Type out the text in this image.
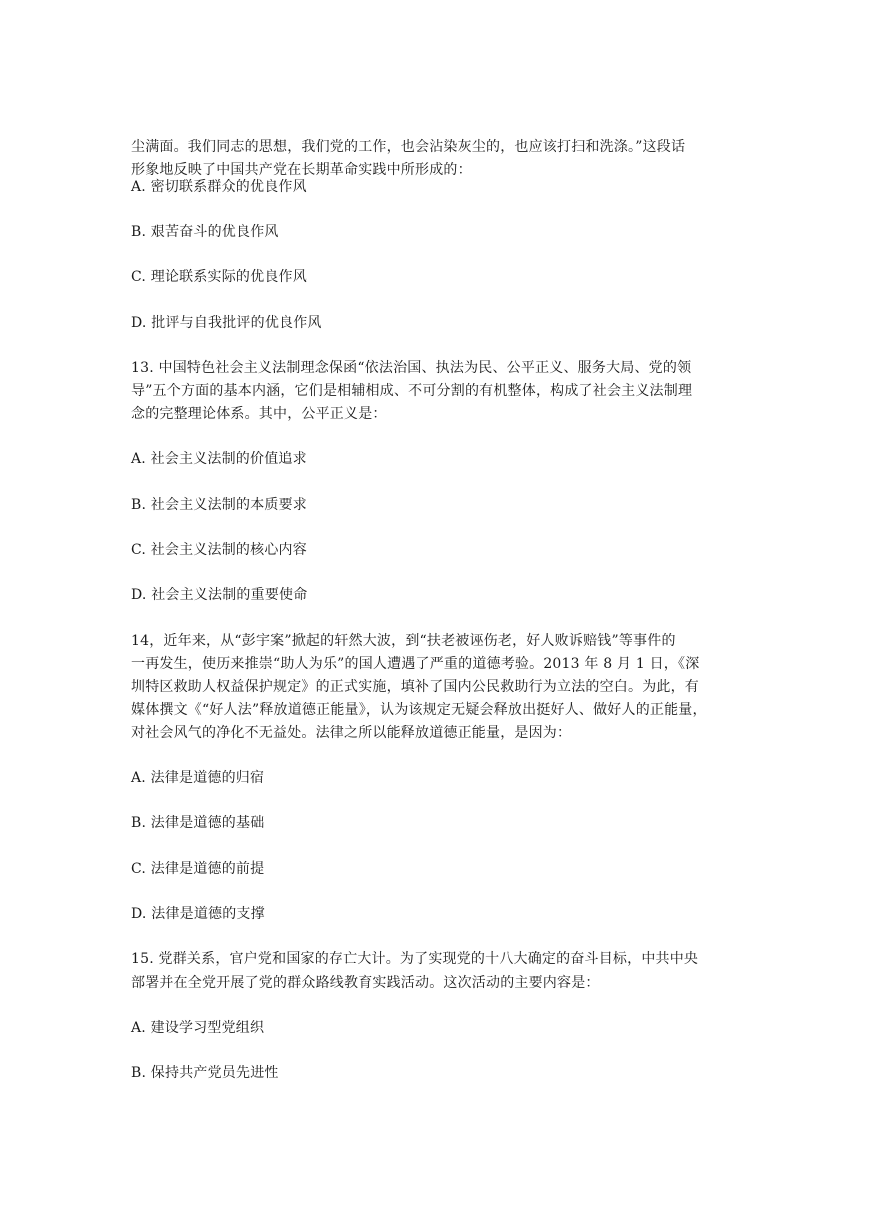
尘满面。我们同志的思想，我们党的工作，也会沾染灰尘的，也应该打扫和洗涤。”这段话
形象地反映了中国共产党在长期革命实践中所形成的：
A. 密切联系群众的优良作风
B. 艰苦奋斗的优良作风
C. 理论联系实际的优良作风
D. 批评与自我批评的优良作风
13. 中国特色社会主义法制理念保函“依法治国、执法为民、公平正义、服务大局、党的领
导”五个方面的基本内涵，它们是相辅相成、不可分割的有机整体，构成了社会主义法制理
念的完整理论体系。其中，公平正义是：
A. 社会主义法制的价值追求
B. 社会主义法制的本质要求
C. 社会主义法制的核心内容
D. 社会主义法制的重要使命
14，近年来，从“彭宇案”掀起的轩然大波，到“扶老被诬伤老，好人败诉赔钱”等事件的
一再发生，使历来推崇“助人为乐”的国人遭遇了严重的道德考验。2013 年 8 月 1 日，《深
圳特区救助人权益保护规定》的正式实施，填补了国内公民救助行为立法的空白。为此，有
媒体撰文《“好人法”释放道德正能量》，认为该规定无疑会释放出挺好人、做好人的正能量，
对社会风气的净化不无益处。法律之所以能释放道德正能量，是因为：
A. 法律是道德的归宿
B. 法律是道德的基础
C. 法律是道德的前提
D. 法律是道德的支撑
15. 党群关系，官户党和国家的存亡大计。为了实现党的十八大确定的奋斗目标，中共中央
部署并在全党开展了党的群众路线教育实践活动。这次活动的主要内容是：
A. 建设学习型党组织
B. 保持共产党员先进性
